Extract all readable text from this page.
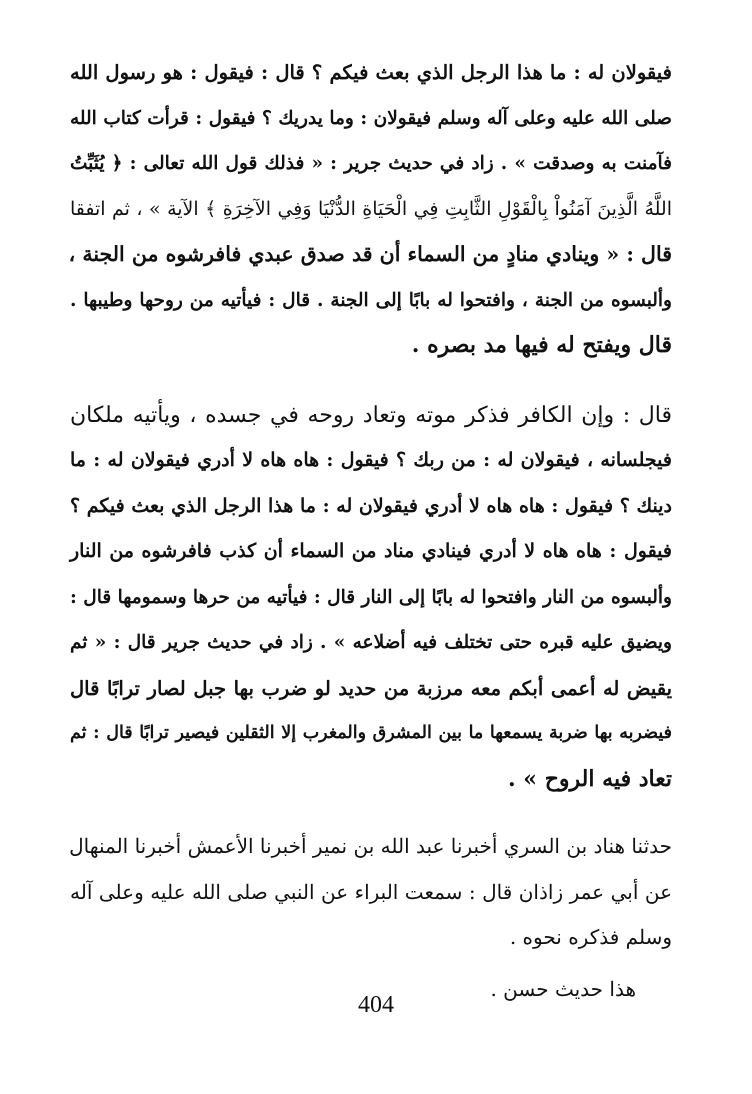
فيقولان له : ما هذا الرجل الذي بعث فيكم ؟ قال : فيقول : هو رسول الله
صلى الله عليه وعلى آله وسلم فيقولان : وما يدريك ؟ فيقول : قرأت كتاب الله
فآمنت به وصدقت » . زاد في حديث جرير : « فذلك قول الله تعالى : ﴿ يُثَبِّتُ
اللَّهُ الَّذِينَ آمَنُواْ بِالْقَوْلِ الثَّابِتِ فِي الْحَيَاةِ الدُّنْيَا وَفِي الآخِرَةِ ﴾ الآية » ، ثم اتفقا
قال : « وينادي منادٍ من السماء أن قد صدق عبدي فافرشوه من الجنة ،
وألبسوه من الجنة ، وافتحوا له بابًا إلى الجنة . قال : فيأتيه من روحها وطيبها .
قال ويفتح له فيها مد بصره .
قال : وإن الكافر فذكر موته وتعاد روحه في جسده ، ويأتيه ملكان
فيجلسانه ، فيقولان له : من ربك ؟ فيقول : هاه هاه لا أدري فيقولان له : ما
دينك ؟ فيقول : هاه هاه لا أدري فيقولان له : ما هذا الرجل الذي بعث فيكم ؟
فيقول : هاه هاه لا أدري فينادي مناد من السماء أن كذب فافرشوه من النار
وألبسوه من النار وافتحوا له بابًا إلى النار قال : فيأتيه من حرها وسمومها قال :
ويضيق عليه قبره حتى تختلف فيه أضلاعه » . زاد في حديث جرير قال : « ثم
يقيض له أعمى أبكم معه مرزبة من حديد لو ضرب بها جبل لصار ترابًا قال
فيضربه بها ضربة يسمعها ما بين المشرق والمغرب إلا الثقلين فيصير ترابًا قال : ثم
تعاد فيه الروح » .
حدثنا هناد بن السري أخبرنا عبد الله بن نمير أخبرنا الأعمش أخبرنا المنهال
عن أبي عمر زاذان قال : سمعت البراء عن النبي صلى الله عليه وعلى آله
وسلم فذكره نحوه .
هذا حديث حسن .
404
